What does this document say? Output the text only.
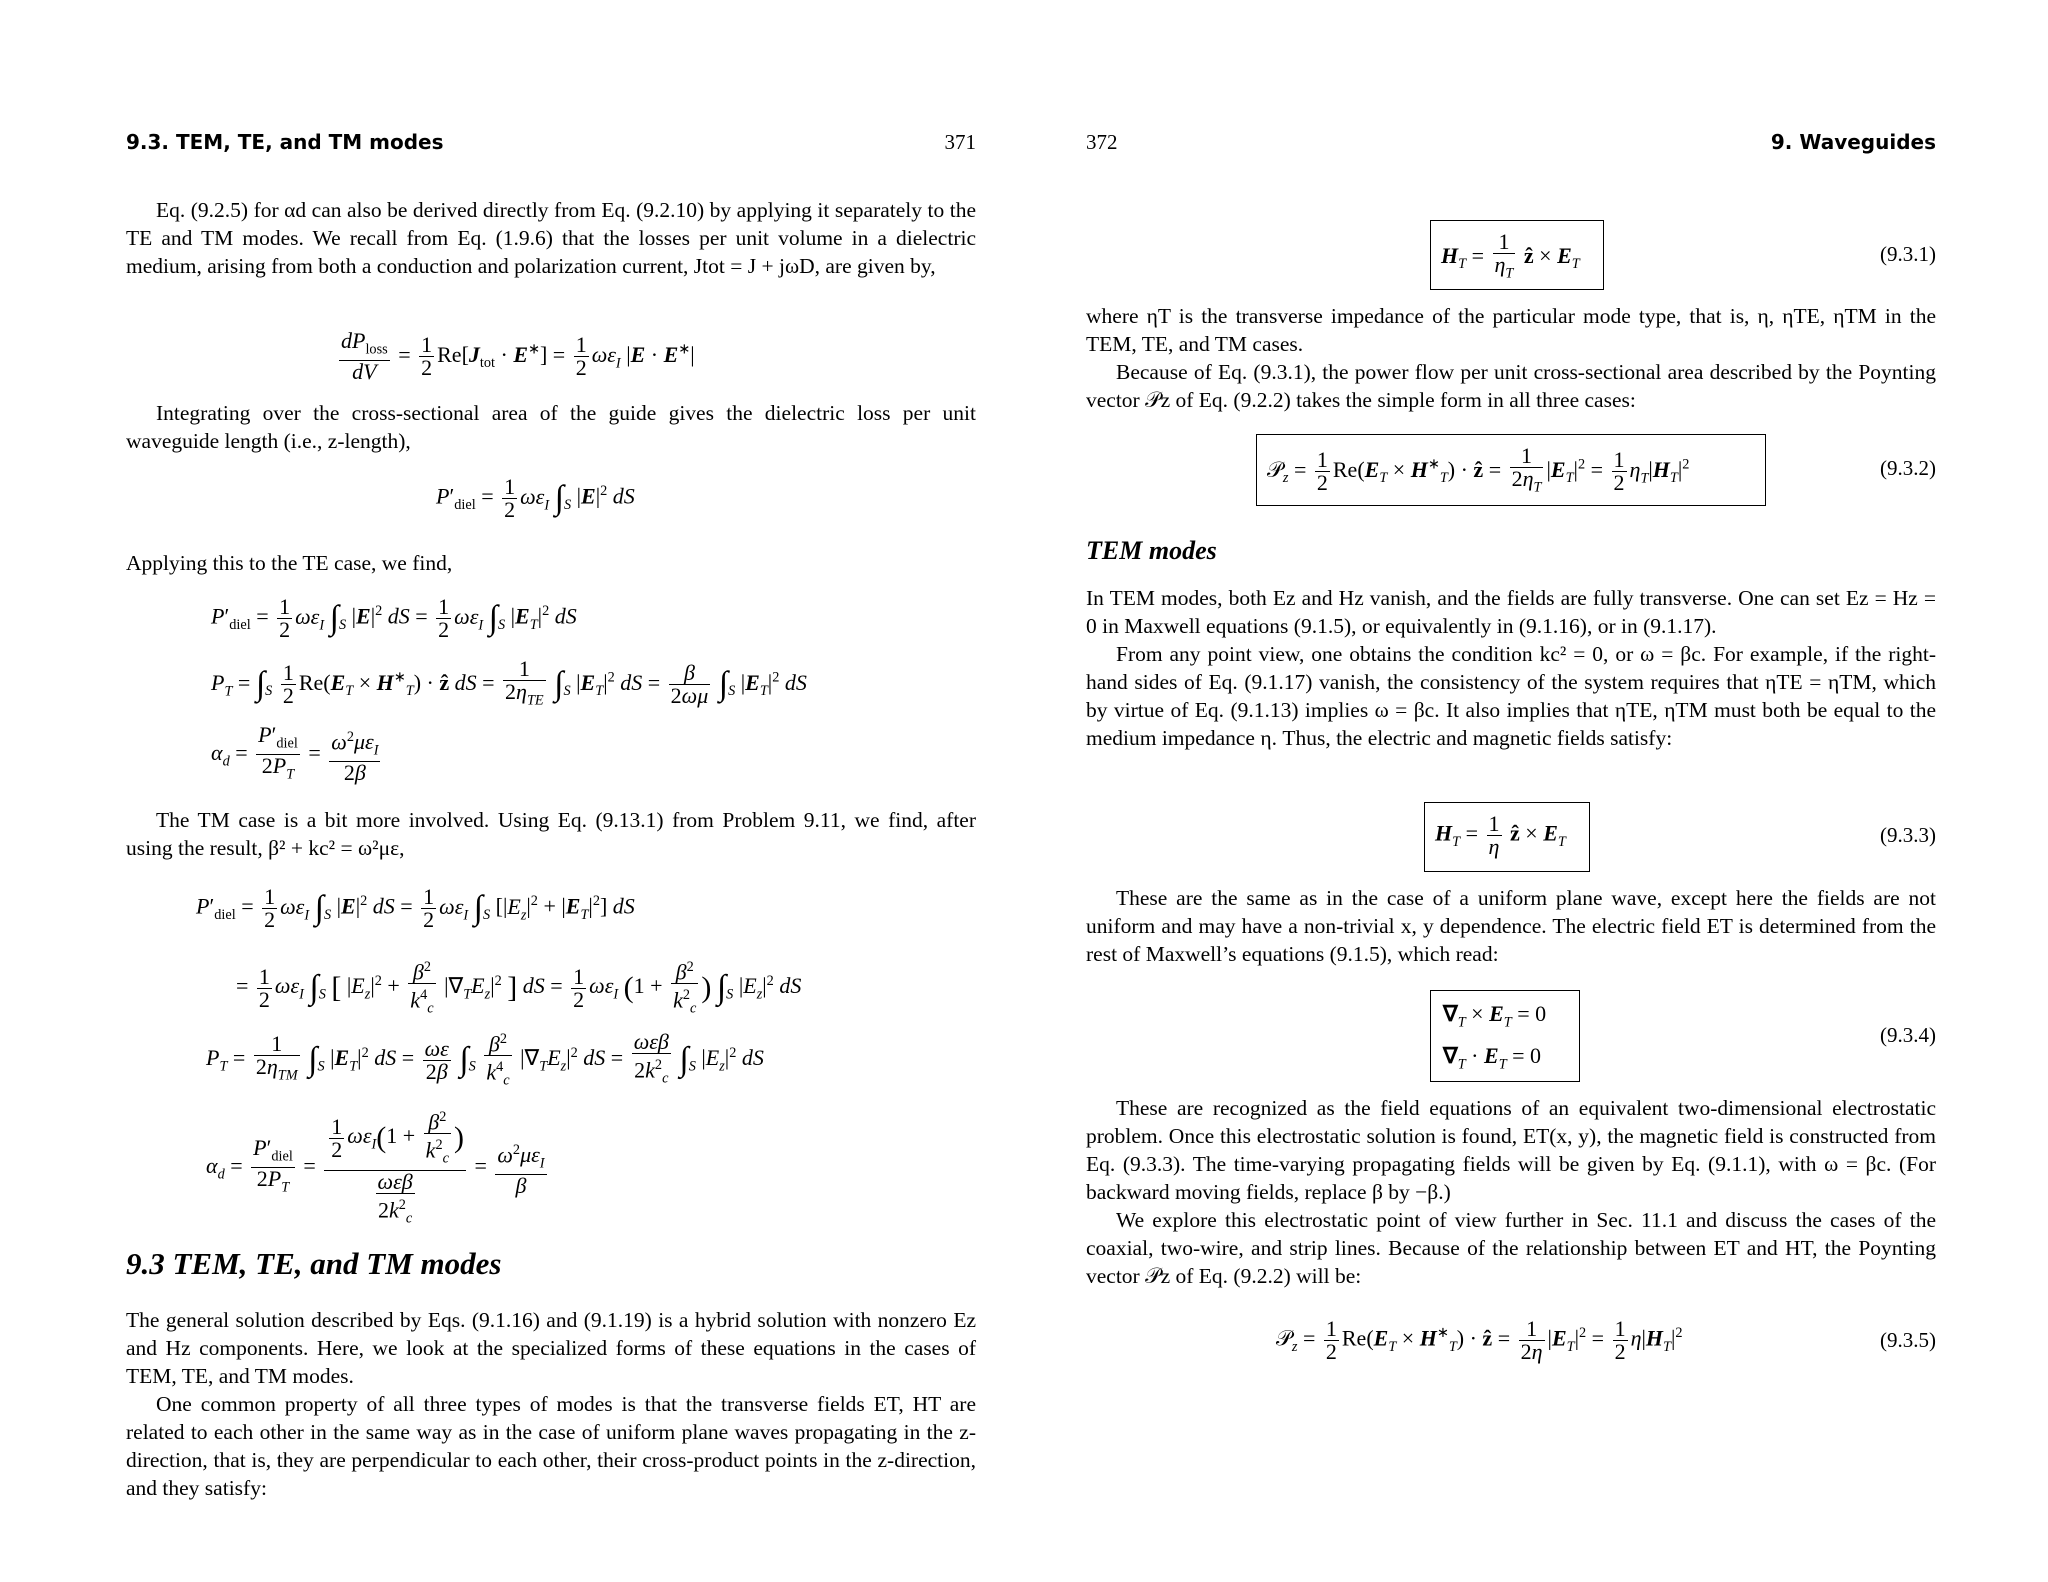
9.3. TEM, TE, and TM modes	371

Eq. (9.2.5) for αd can also be derived directly from Eq. (9.2.10) by applying it separately to the TE and TM modes. We recall from Eq. (1.9.6) that the losses per unit volume in a dielectric medium, arising from both a conduction and polarization current, Jtot = J + jωD, are given by,

$\frac{dP_{loss}}{dV} = \frac{1}{2} Re[J_{tot} \cdot E^∗] = \frac{1}{2} \omega\varepsilon_I$ |E · E∗|

Integrating over the cross-sectional area of the guide gives the dielectric loss per unit waveguide length (i.e., z-length),

$P'_{diel} = \frac{1}{2} \omega\varepsilon_I$ $\int_S$ $|E|^2$ dS

Applying this to the TE case, we find,

$P'_{diel} = \frac{1}{2} \omega\varepsilon_I$ $\int_S$ $|E|^2$ dS = $\frac{1}{2} \omega\varepsilon_I$ $\int_S$ $|E_T|^2$ dS
$P_T = \int_S \frac{1}{2} Re(E_T \times H^∗_T)$ · ẑ dS = $\frac{1}{2\eta_{TE}} \int_S$ $|E_T|^2$ dS = $\frac{\beta}{2\omega\mu} \int_S$ $|E_T|^2$ dS
$\alpha_d = \frac{P'_{diel}}{2P_T} = \frac{\omega^2\mu\varepsilon_I}{2\beta}$

The TM case is a bit more involved. Using Eq. (9.13.1) from Problem 9.11, we find, after using the result, β² + kc² = ω²με,

$P'_{diel} = \frac{1}{2} \omega\varepsilon_I$ $\int_S$ $|E|^2$ dS = $\frac{1}{2} \omega\varepsilon_I$ $\int_S$ $[|E_z|^2 + |E_T|^2]$ dS
= $\frac{1}{2} \omega\varepsilon_I$ $\int_S$ [ $|E_z|^2 + \frac{\beta^2}{k^4_c} |\nabla_TE_z|^2$ ] dS = $\frac{1}{2} \omega\varepsilon_I$ ($1 + \frac{\beta^2}{k^2_c}$ ) $\int_S$ $|E_z|^2$ dS
$P_T = \frac{1}{2\eta_{TM}} \int_S$ $|E_T|^2$ dS = $\frac{\omega\varepsilon}{2\beta} \int_S \frac{\beta^2}{k^4_c} |\nabla_TE_z|^2$ dS = $\frac{\text{ωεβ}}{2k^2_c} \int_S$ $|E_z|^2$ dS
$\alpha_d = \frac{P'_{diel}}{2P_T} = \frac{\frac{1}{2} \omega\varepsilon_I(1 + \frac{\beta^2}{k^2_c} )}{\frac{\text{ωεβ}}{2k^2_c}} = \frac{\omega^2\mu\varepsilon_I}{\beta}$
9.3 TEM, TE, and TM modes

The general solution described by Eqs. (9.1.16) and (9.1.19) is a hybrid solution with nonzero Ez and Hz components. Here, we look at the specialized forms of these equations in the cases of TEM, TE, and TM modes.

One common property of all three types of modes is that the transverse fields ET, HT are related to each other in the same way as in the case of uniform plane waves propagating in the z-direction, that is, they are perpendicular to each other, their cross-product points in the z-direction, and they satisfy:

372	9. Waveguides
$H_T = \frac{1}{\eta_T}$ ẑ × $E_T$	(9.3.1)

where ηT is the transverse impedance of the particular mode type, that is, η, ηTE, ηTM in the TEM, TE, and TM cases.

Because of Eq. (9.3.1), the power flow per unit cross-sectional area described by the Poynting vector 𝒫z of Eq. (9.2.2) takes the simple form in all three cases:

𝒫$_z$ = $\frac{1}{2} Re(E_T \times H^∗_T)$ · ẑ = $\frac{1}{2\eta_T} |E_T|^2 = \frac{1}{2} \eta_T|H_T|^2$	(9.3.2)
TEM modes

In TEM modes, both Ez and Hz vanish, and the fields are fully transverse. One can set Ez = Hz = 0 in Maxwell equations (9.1.5), or equivalently in (9.1.16), or in (9.1.17).

From any point view, one obtains the condition kc² = 0, or ω = βc. For example, if the right-hand sides of Eq. (9.1.17) vanish, the consistency of the system requires that ηTE = ηTM, which by virtue of Eq. (9.1.13) implies ω = βc. It also implies that ηTE, ηTM must both be equal to the medium impedance η. Thus, the electric and magnetic fields satisfy:

$H_T = \frac{1}{\eta}$ ẑ × $E_T$	(9.3.3)

These are the same as in the case of a uniform plane wave, except here the fields are not uniform and may have a non-trivial x, y dependence. The electric field ET is determined from the rest of Maxwell’s equations (9.1.5), which read:

$\nabla_T \times E_T = 0$
$\nabla_T \cdot E_T = 0$
(9.3.4)

These are recognized as the field equations of an equivalent two-dimensional electrostatic problem. Once this electrostatic solution is found, ET(x, y), the magnetic field is constructed from Eq. (9.3.3). The time-varying propagating fields will be given by Eq. (9.1.1), with ω = βc. (For backward moving fields, replace β by −β.)

We explore this electrostatic point of view further in Sec. 11.1 and discuss the cases of the coaxial, two-wire, and strip lines. Because of the relationship between ET and HT, the Poynting vector 𝒫z of Eq. (9.2.2) will be:

𝒫$_z$ = $\frac{1}{2} Re(E_T \times H^∗_T)$ · ẑ = $\frac{1}{2\eta} |E_T|^2 = \frac{1}{2} \eta|H_T|^2$	(9.3.5)
